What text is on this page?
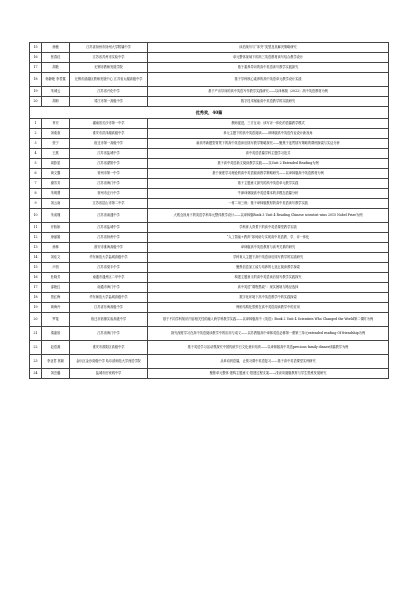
15	徐薇	江苏省扬州市扬州大学附属中学	读后续写与“冲突”类型及其解决策略研究
16	张春佳	江苏省苏州市实验中学	单元整体视域下的高三英语教材读写结合教学设计
17	胡艳	无锡市教师发展学院	基于素养导向的高中英语读写教学实践探究
18	杨静艳 李君蕙	无锡市滨湖区教师发展中心 江苏省太湖高级中学	基于学科核心素养的高中英语单元教学设计实践
19	朱城云	江苏省兴化中学	基于产出导向的高中英语写作教学实践研究——以译林版（2022）高中英语教材为例
20	胡莉	靖江市第一高级中学	数字技术赋能高中英语教学的实践研究
优秀奖，40篇			
1	肖安	湖南省长沙市第一中学	教师促进，三方互动：读写评一体化的语篇教学模式
2	刘欢欢	淮安市洪泽湖高级中学	单元主题下的高中英语阅读——译林版高中英语作业设计新视角
3	张宁	宿迁市第一高级中学	新高考新题型背景下的高中英语读后续写教学策略探究——聚焦于连贯续写策略的课例探索与实证分析
4	王燕	江苏省盐城中学	高中英语语篇学科主题学习范式
5	周影星	江苏省溧阳中学	基于高中英语新文阅读教学实践——以Unit 2 Extended Reading为例
6	黄文馨	常州市第一中学	基于深度学习理论的高中英语阅读教学策略研究——以译林版高中英语教材为例
7	谢芳芳	江苏省海门中学	基于主题意义探究的高中英语单元教学实践
8	朱明慧	常州市正行中学	牛津译林版高中英语课本的多模态语篇分析
9	刘云南	江苏省昆山市第二中学	一材二用三练：基于译林版教材的高中英语读写教学实践
10	朱成瑾	江苏省南通中学	大观念视角下的英语学科单元整体教学设计——以译林版Book 3 Unit 4 Reading Chinese scientist wins 2015 Nobel Prize为例
11	开娇娇	江苏省盐城中学	学科育人背景下的高中英语课堂教学实践
12	徐丽娟	江苏省扬州中学	“人工智能+教育”如何助力实现高中英语教、学、评一体化
13	徐林	淮安市淮海高级中学	译林版高中英语教材与高考关系的研究
14	刘佳文	华东师范大学盐城高级中学	学科育人主题下高中英语读后续写教学的实践研究
15	卢茵	江苏省梁丰中学	聚焦信息加工能力培养的七选五阅读教学探索
16	杜晓芳	南通市通州区二甲中学	构建主题意义的高中英语读后续写教学实践探究
17	邵艳红	南通市海门中学	高中英语“课程思政”：现实困境与路径选择
18	蔡红梅	华东师范大学盐城高级中学	数字化环境下高中英语教学中的实践探索
19	黄海丹	江苏省东海高级中学	例析结构化思维在高中英语阅读教学中的应用
20	罗斐	宿迁市宿豫实验高级中学	基于不同学科知识内容相关性的融入跨学科教学实践——以译林版高中《英语》Book 2 Unit 4 Scientists Who Changed the World第二课时为例
21	秦嘉欣	江苏省海门中学	探究深度学习在高中英语阅读教学中的应用与成义——以苏教版高中译林英语必修第一册第三单元extended reading Of friendship为例
22	赵语凝	淮安市淮阴区高级中学	基于英语学习活动观探究中国传统节日文化意识培育——以译林版高中英语precious family dinner读篇教学为例
23	李亚君 郭颖	金坛区金沙高级中学 哈尔滨师范大学西语学院	从单词到语篇，让预习课中英语复习——基于高中英语课堂实例研究
24	刘芸璐	盐城市田家炳中学	聚焦单元整体·建构主题意义·搭建过程支架——浅谈凤凰版教材与学生思维发展研究
